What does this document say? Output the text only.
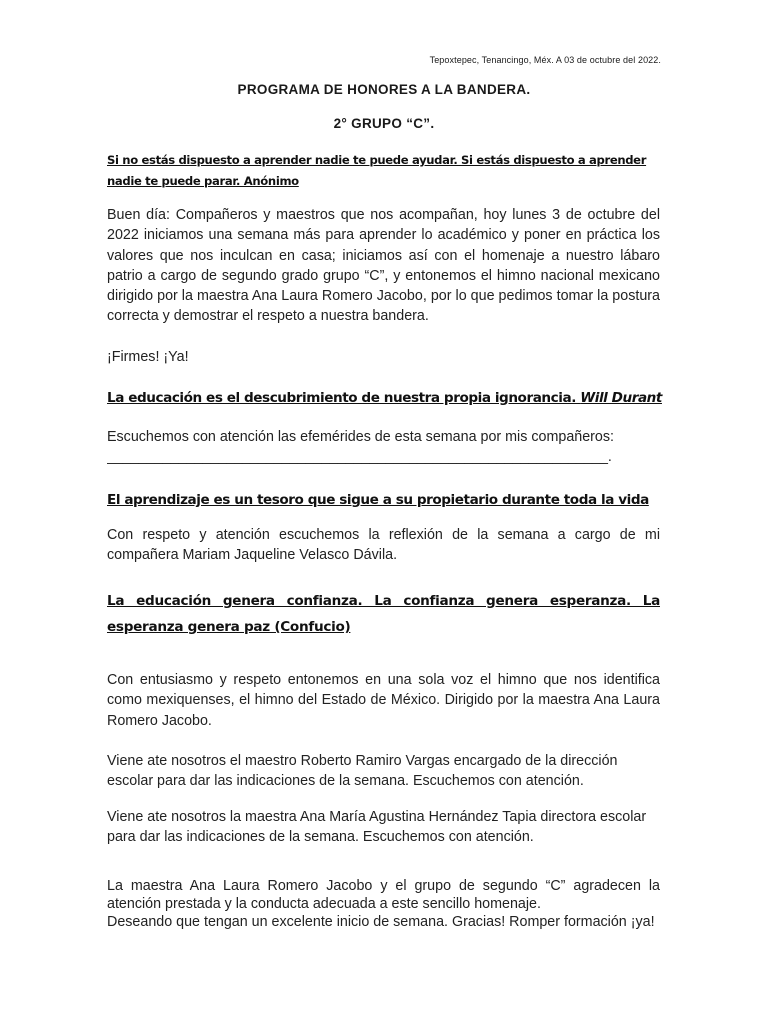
Tepoxtepec, Tenancingo, Méx. A 03 de octubre del 2022.

PROGRAMA DE HONORES A LA BANDERA.

2° GRUPO “C”.

Si no estás dispuesto a aprender nadie te puede ayudar. Si estás dispuesto a aprender nadie te puede parar. Anónimo

Buen día: Compañeros y maestros que nos acompañan, hoy lunes 3 de octubre del 2022 iniciamos una semana más para aprender lo académico y poner en práctica los valores que nos inculcan en casa; iniciamos así con el homenaje a nuestro lábaro patrio a cargo de segundo grado grupo “C”, y entonemos el himno nacional mexicano dirigido por la maestra Ana Laura Romero Jacobo, por lo que pedimos tomar la postura correcta y demostrar el respeto a nuestra bandera.

¡Firmes! ¡Ya!

La educación es el descubrimiento de nuestra propia ignorancia. Will Durant

Escuchemos con atención las efemérides de esta semana por mis compañeros:

_______________________________________________________________.

El aprendizaje es un tesoro que sigue a su propietario durante toda la vida

Con respeto y atención escuchemos la reflexión de la semana a cargo de mi compañera Mariam Jaqueline Velasco Dávila.

La educación genera confianza. La confianza genera esperanza. La esperanza genera paz (Confucio)

Con entusiasmo y respeto entonemos en una sola voz el himno que nos identifica como mexiquenses, el himno del Estado de México. Dirigido por la maestra Ana Laura Romero Jacobo.

Viene ate nosotros el maestro Roberto Ramiro Vargas encargado de la dirección escolar para dar las indicaciones de la semana. Escuchemos con atención.

Viene ate nosotros la maestra Ana María Agustina Hernández Tapia directora escolar para dar las indicaciones de la semana. Escuchemos con atención.

La maestra Ana Laura Romero Jacobo y el grupo de segundo “C” agradecen la atención prestada y la conducta adecuada a este sencillo homenaje.

Deseando que tengan un excelente inicio de semana. Gracias! Romper formación ¡ya!
